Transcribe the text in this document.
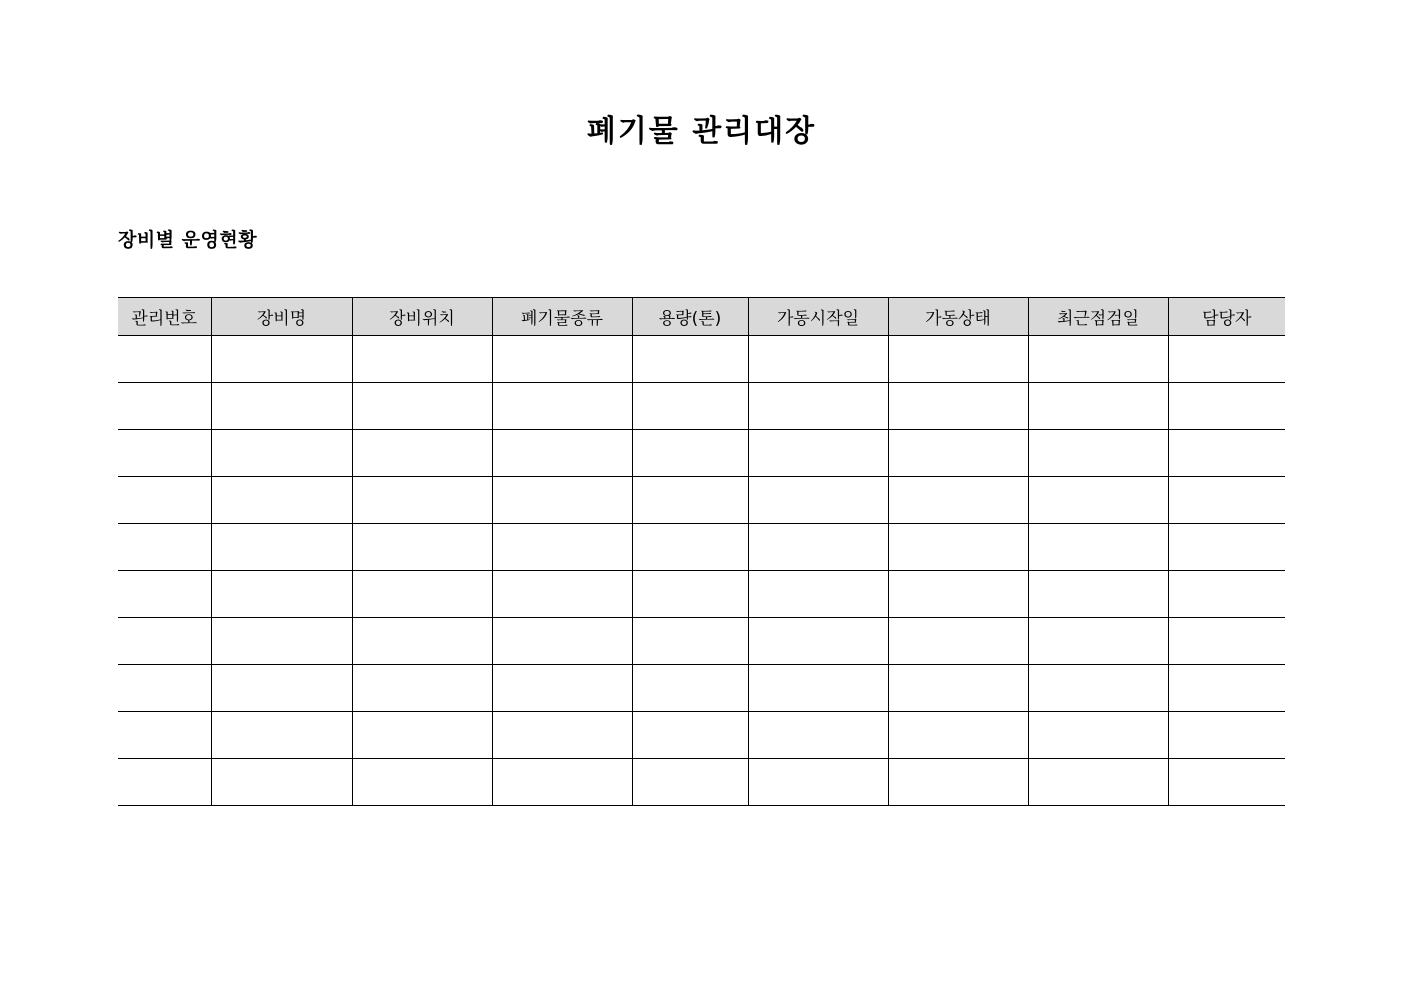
폐기물 관리대장
장비별 운영현황
관리번호	장비명	장비위치	폐기물종류	용량(톤)	가동시작일	가동상태	최근점검일	담당자
